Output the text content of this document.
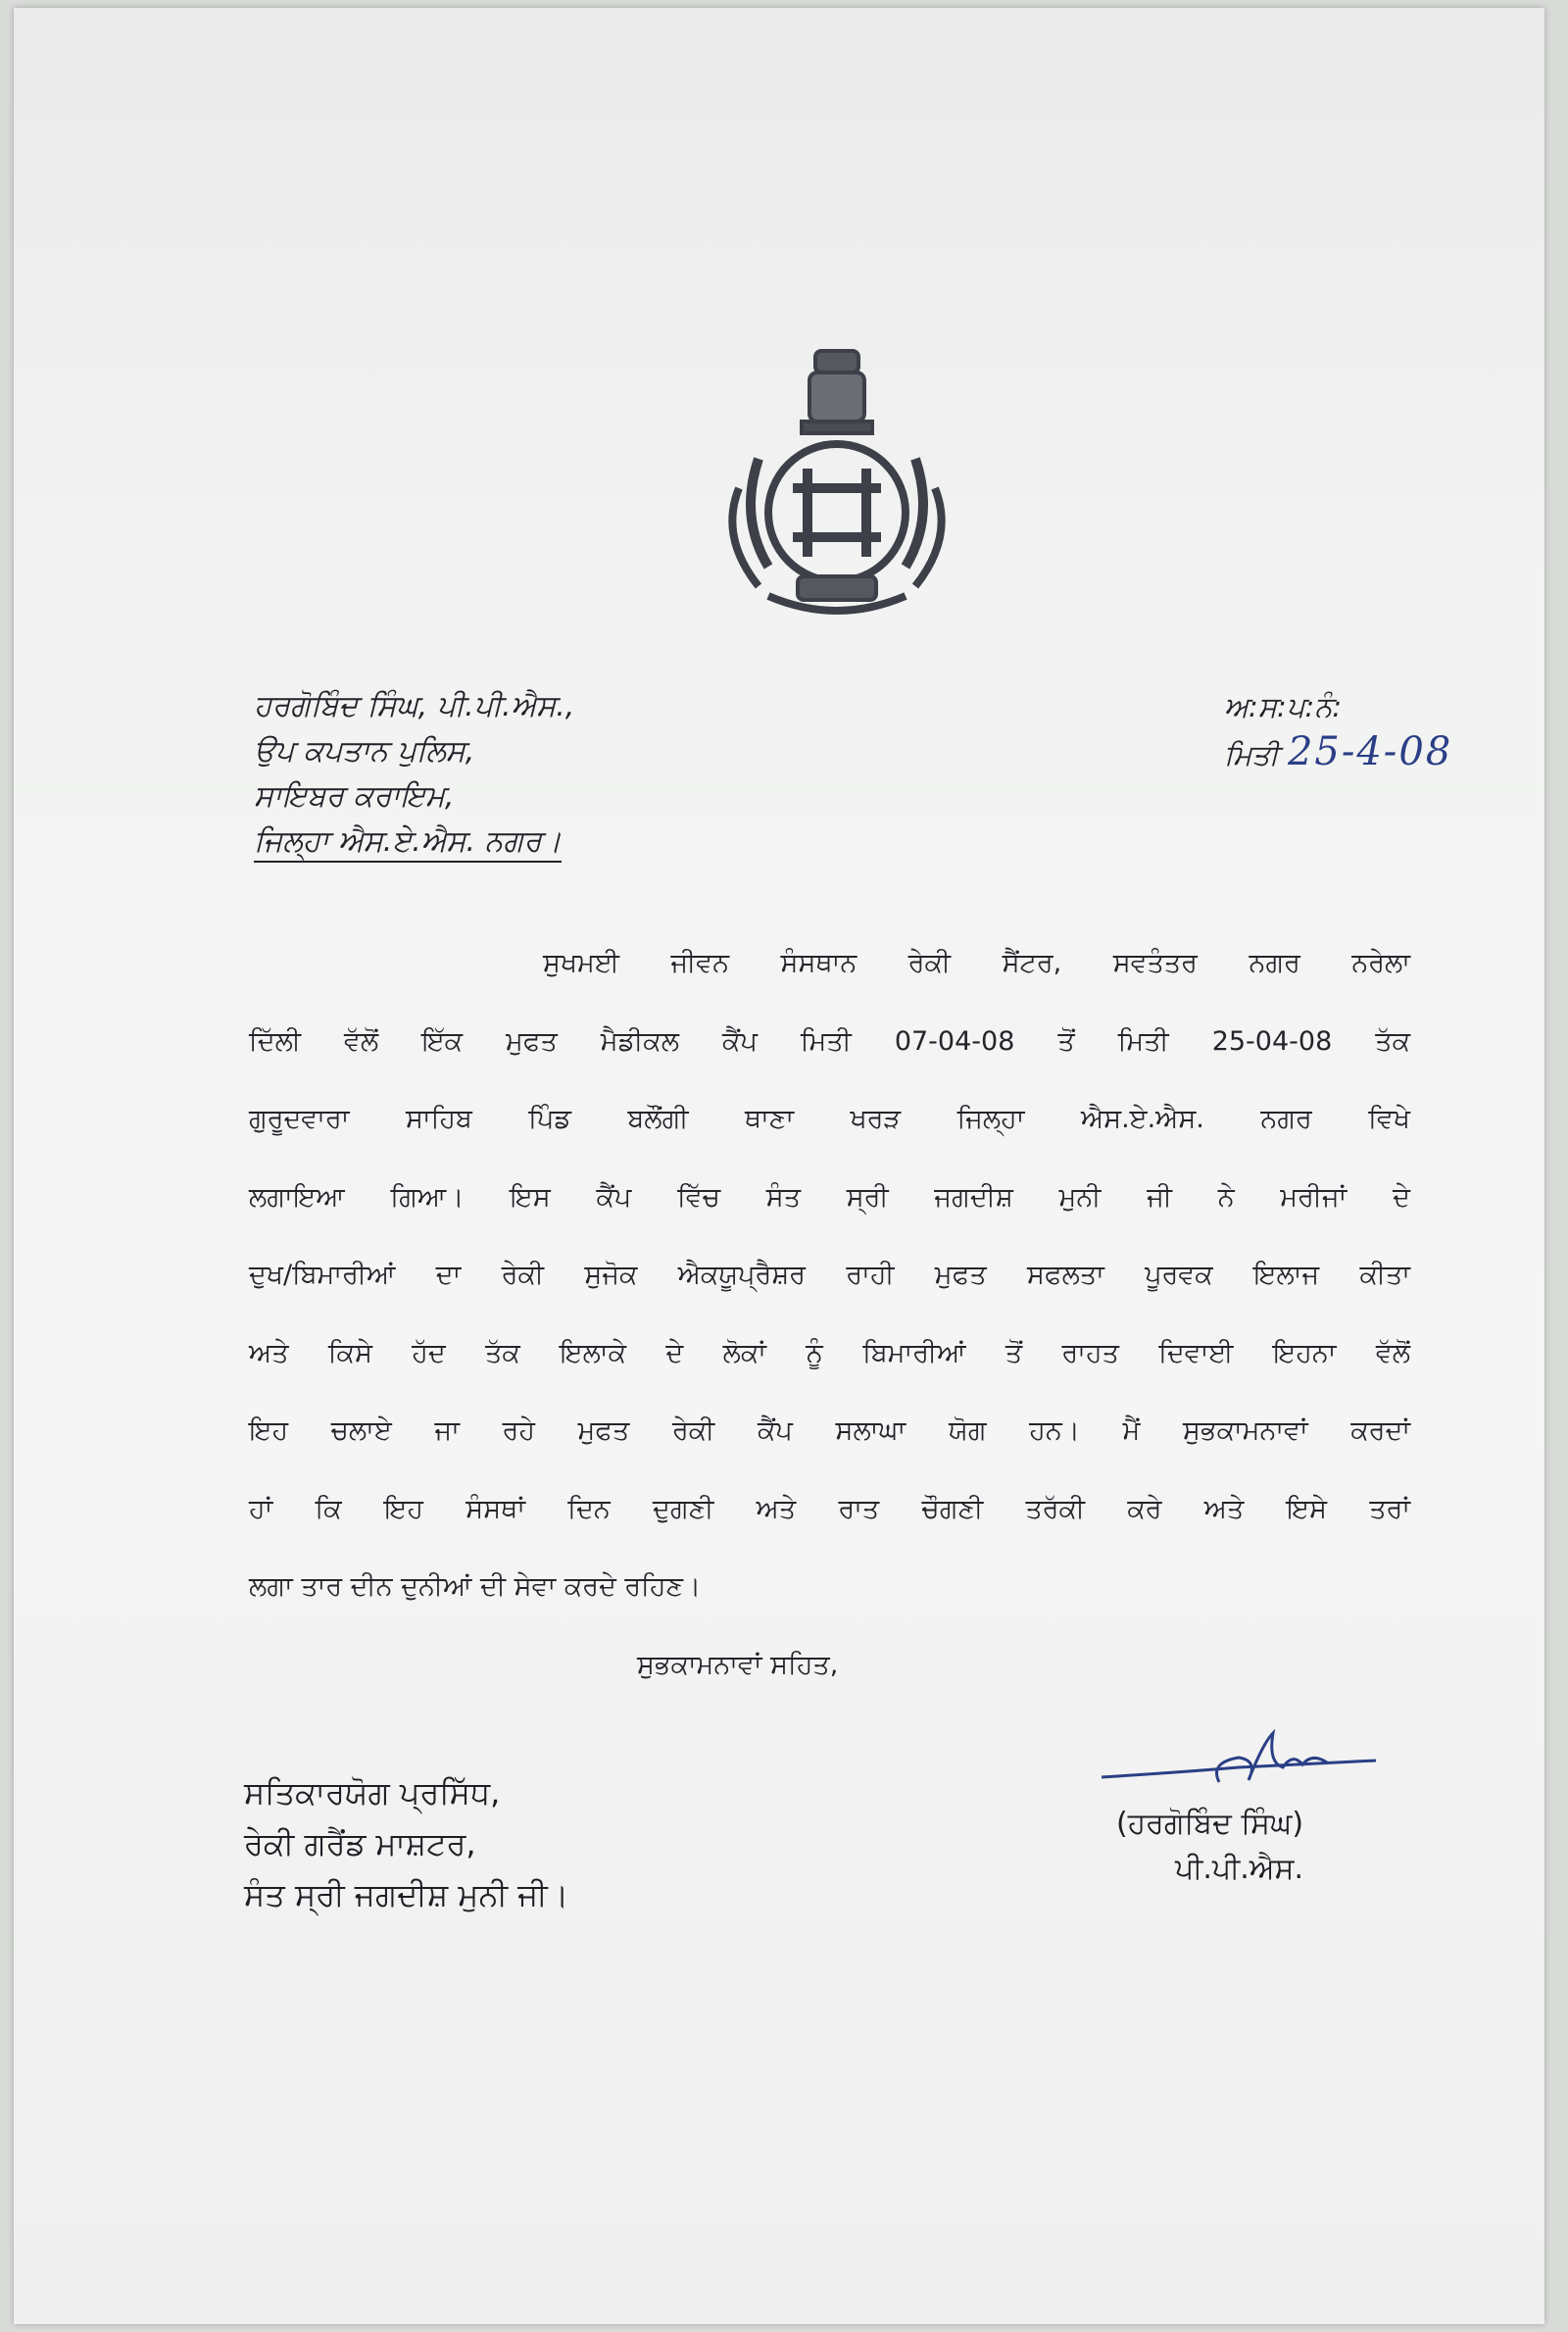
ਹਰਗੋਬਿੰਦ ਸਿੰਘ, ਪੀ.ਪੀ.ਐਸ.,
ਉਪ ਕਪਤਾਨ ਪੁਲਿਸ,
ਸਾਇਬਰ ਕਰਾਇਮ,
ਜਿਲ੍ਹਾ ਐਸ.ਏ.ਐਸ. ਨਗਰ।
ਅ:ਸ:ਪ:ਨੰ:
ਮਿਤੀ 25-4-08
ਸੁਖਮਈ ਜੀਵਨ ਸੰਸਥਾਨ ਰੇਕੀ ਸੈਂਟਰ, ਸਵਤੰਤਰ ਨਗਰ ਨਰੇਲਾ
ਦਿੱਲੀ ਵੱਲੋਂ ਇੱਕ ਮੁਫਤ ਮੈਡੀਕਲ ਕੈਂਪ ਮਿਤੀ 07-04-08 ਤੋਂ ਮਿਤੀ 25-04-08 ਤੱਕ
ਗੁਰੂਦਵਾਰਾ ਸਾਹਿਬ ਪਿੰਡ ਬਲੌਂਗੀ ਥਾਣਾ ਖਰੜ ਜਿਲ੍ਹਾ ਐਸ.ਏ.ਐਸ. ਨਗਰ ਵਿਖੇ
ਲਗਾਇਆ ਗਿਆ। ਇਸ ਕੈਂਪ ਵਿੱਚ ਸੰਤ ਸ੍ਰੀ ਜਗਦੀਸ਼ ਮੁਨੀ ਜੀ ਨੇ ਮਰੀਜਾਂ ਦੇ
ਦੁਖ/ਬਿਮਾਰੀਆਂ ਦਾ ਰੇਕੀ ਸੁਜੋਕ ਐਕਯੂਪ੍ਰੈਸ਼ਰ ਰਾਹੀ ਮੁਫਤ ਸਫਲਤਾ ਪੂਰਵਕ ਇਲਾਜ ਕੀਤਾ
ਅਤੇ ਕਿਸੇ ਹੱਦ ਤੱਕ ਇਲਾਕੇ ਦੇ ਲੋਕਾਂ ਨੂੰ ਬਿਮਾਰੀਆਂ ਤੋਂ ਰਾਹਤ ਦਿਵਾਈ ਇਹਨਾ ਵੱਲੋਂ
ਇਹ ਚਲਾਏ ਜਾ ਰਹੇ ਮੁਫਤ ਰੇਕੀ ਕੈਂਪ ਸਲਾਘਾ ਯੋਗ ਹਨ। ਮੈਂ ਸੁਭਕਾਮਨਾਵਾਂ ਕਰਦਾਂ
ਹਾਂ ਕਿ ਇਹ ਸੰਸਥਾਂ ਦਿਨ ਦੁਗਣੀ ਅਤੇ ਰਾਤ ਚੌਗਣੀ ਤਰੱਕੀ ਕਰੇ ਅਤੇ ਇਸੇ ਤਰਾਂ
ਲਗਾ ਤਾਰ ਦੀਨ ਦੁਨੀਆਂ ਦੀ ਸੇਵਾ ਕਰਦੇ ਰਹਿਣ।
ਸੁਭਕਾਮਨਾਵਾਂ ਸਹਿਤ,
ਸਤਿਕਾਰਯੋਗ ਪ੍ਰਸਿੱਧ,
ਰੇਕੀ ਗਰੈਂਡ ਮਾਸ਼ਟਰ,
ਸੰਤ ਸ੍ਰੀ ਜਗਦੀਸ਼ ਮੁਨੀ ਜੀ।
(ਹਰਗੋਬਿੰਦ ਸਿੰਘ)
ਪੀ.ਪੀ.ਐਸ.
